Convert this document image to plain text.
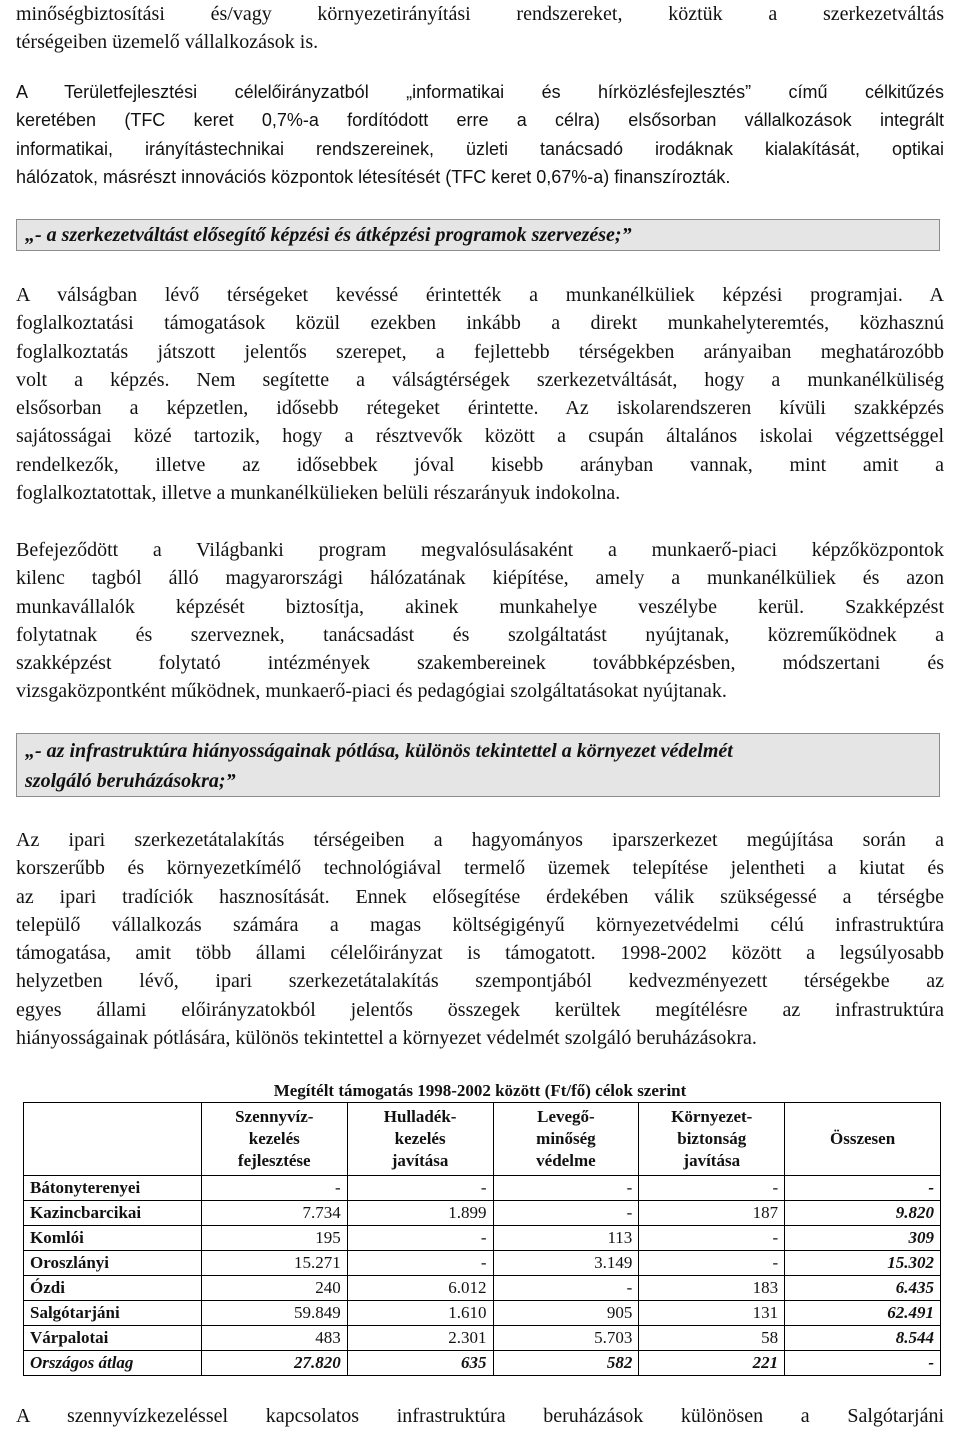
minőségbiztosítási és/vagy környezetirányítási rendszereket, köztük a szerkezetváltás
térségeiben üzemelő vállalkozások is.
A Területfejlesztési célelőirányzatból „informatikai és hírközlésfejlesztés” című célkitűzés
keretében (TFC keret 0,7%-a fordítódott erre a célra) elsősorban vállalkozások integrált
informatikai, irányítástechnikai rendszereinek, üzleti tanácsadó irodáknak kialakítását, optikai
hálózatok, másrészt innovációs központok létesítését (TFC keret 0,67%-a) finanszírozták.
„- a szerkezetváltást elősegítő képzési és átképzési programok szervezése;”
A válságban lévő térségeket kevéssé érintették a munkanélküliek képzési programjai. A
foglalkoztatási támogatások közül ezekben inkább a direkt munkahelyteremtés, közhasznú
foglalkoztatás játszott jelentős szerepet, a fejlettebb térségekben arányaiban meghatározóbb
volt a képzés. Nem segítette a válságtérségek szerkezetváltását, hogy a munkanélküliség
elsősorban a képzetlen, idősebb rétegeket érintette. Az iskolarendszeren kívüli szakképzés
sajátosságai közé tartozik, hogy a résztvevők között a csupán általános iskolai végzettséggel
rendelkezők, illetve az idősebbek jóval kisebb arányban vannak, mint amit a
foglalkoztatottak, illetve a munkanélkülieken belüli részarányuk indokolna.
Befejeződött a Világbanki program megvalósulásaként a munkaerő-piaci képzőközpontok
kilenc tagból álló magyarországi hálózatának kiépítése, amely a munkanélküliek és azon
munkavállalók képzését biztosítja, akinek munkahelye veszélybe kerül. Szakképzést
folytatnak és szerveznek, tanácsadást és szolgáltatást nyújtanak, közreműködnek a
szakképzést folytató intézmények szakembereinek továbbképzésben, módszertani és
vizsgaközpontként működnek, munkaerő-piaci és pedagógiai szolgáltatásokat nyújtanak.
„- az infrastruktúra hiányosságainak pótlása, különös tekintettel a környezet védelmét
szolgáló beruházásokra;”
Az ipari szerkezetátalakítás térségeiben a hagyományos iparszerkezet megújítása során a
korszerűbb és környezetkímélő technológiával termelő üzemek telepítése jelentheti a kiutat és
az ipari tradíciók hasznosítását. Ennek elősegítése érdekében válik szükségessé a térségbe
települő vállalkozás számára a magas költségigényű környezetvédelmi célú infrastruktúra
támogatása, amit több állami célelőirányzat is támogatott. 1998-2002 között a legsúlyosabb
helyzetben lévő, ipari szerkezetátalakítás szempontjából kedvezményezett térségekbe az
egyes állami előirányzatokból jelentős összegek kerültek megítélésre az infrastruktúra
hiányosságainak pótlására, különös tekintettel a környezet védelmét szolgáló beruházásokra.
Megítélt támogatás 1998-2002 között (Ft/fő) célok szerint

	Szennyvíz-
kezelés
fejlesztése	Hulladék-
kezelés
javítása	Levegő-
minőség
védelme	Környezet-
biztonság
javítása	Összesen

Bátonyterenyei	-	-	-	-	-
Kazincbarcikai	7.734	1.899	-	187	9.820
Komlói	195	-	113	-	309
Oroszlányi	15.271	-	3.149	-	15.302
Ózdi	240	6.012	-	183	6.435
Salgótarjáni	59.849	1.610	905	131	62.491
Várpalotai	483	2.301	5.703	58	8.544
Országos átlag	27.820	635	582	221	-
A szennyvízkezeléssel kapcsolatos infrastruktúra beruházások különösen a Salgótarjáni
